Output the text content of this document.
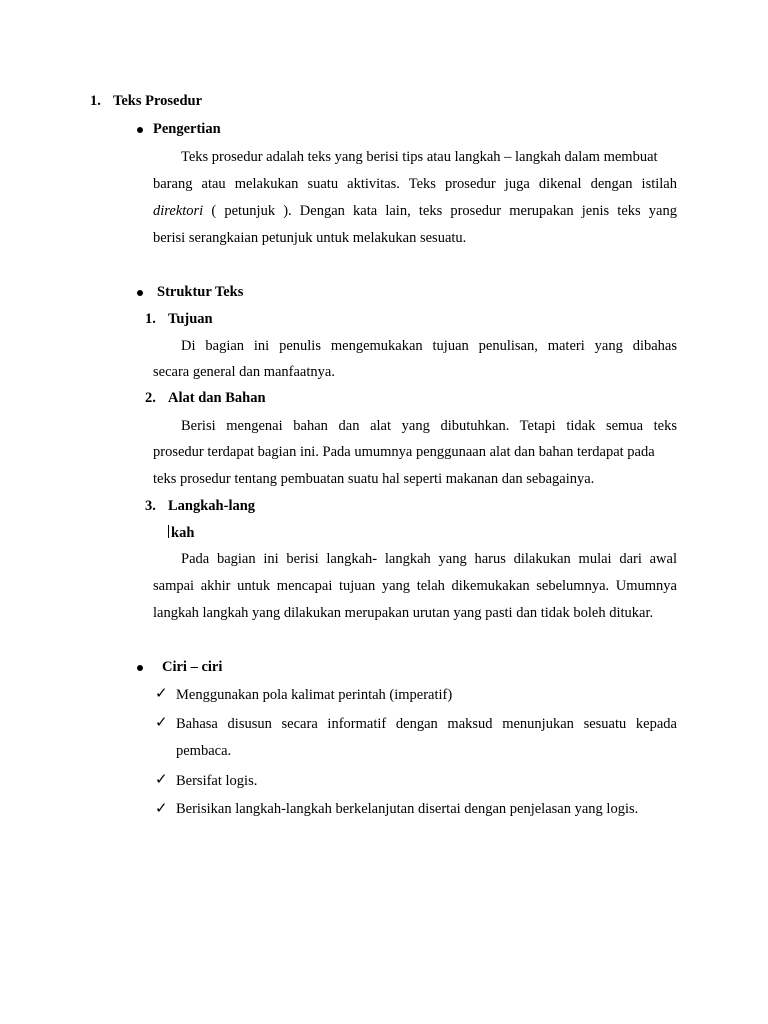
1. Teks Prosedur
Pengertian
Teks prosedur adalah teks yang berisi tips atau langkah – langkah dalam membuat
barang atau melakukan suatu aktivitas. Teks prosedur juga dikenal dengan istilah
direktori ( petunjuk ). Dengan kata lain, teks prosedur merupakan jenis teks yang
berisi serangkaian petunjuk untuk melakukan sesuatu.
Struktur Teks
1. Tujuan
Di bagian ini penulis mengemukakan tujuan penulisan, materi yang dibahas
secara general dan manfaatnya.
2. Alat dan Bahan
Berisi mengenai bahan dan alat yang dibutuhkan. Tetapi tidak semua teks
prosedur terdapat bagian ini. Pada umumnya penggunaan alat dan bahan terdapat pada
teks prosedur tentang pembuatan suatu hal seperti makanan dan sebagainya.
3. Langkah-lang
kah
Pada bagian ini berisi langkah- langkah yang harus dilakukan mulai dari awal
sampai akhir untuk mencapai tujuan yang telah dikemukakan sebelumnya. Umumnya
langkah langkah yang dilakukan merupakan urutan yang pasti dan tidak boleh ditukar.
Ciri – ciri
✓ Menggunakan pola kalimat perintah (imperatif)
✓ Bahasa disusun secara informatif dengan maksud menunjukan sesuatu kepada
pembaca.
✓ Bersifat logis.
✓ Berisikan langkah-langkah berkelanjutan disertai dengan penjelasan yang logis.
